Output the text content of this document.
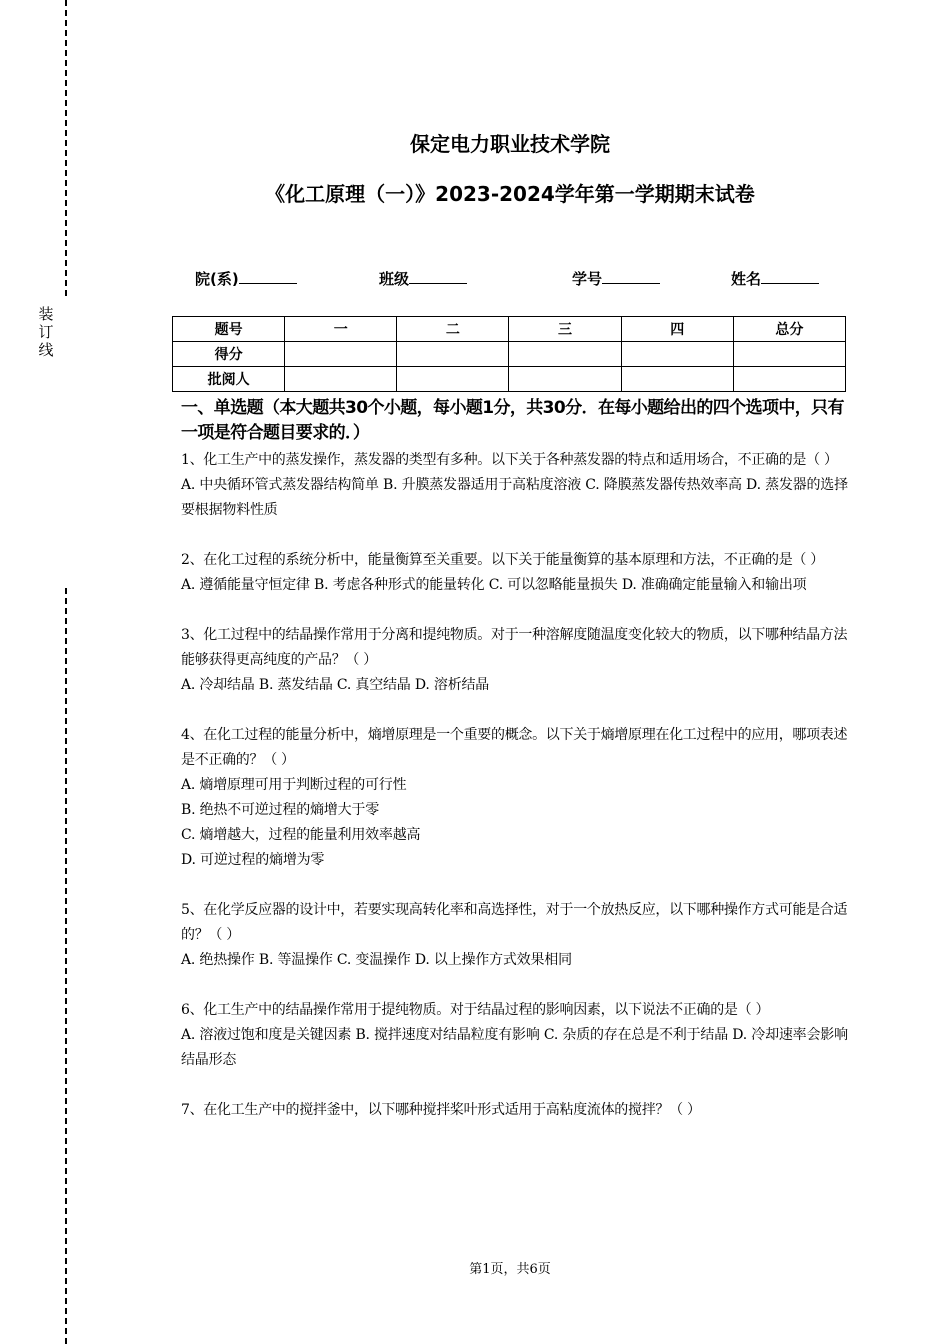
装
订
线
保定电力职业技术学院
《化工原理（一）》2023-2024学年第一学期期末试卷
院(系)	班级	学号	姓名
题号	一	二	三	四	总分
得分					
批阅人					
一、单选题（本大题共30个小题，每小题1分，共30分．在每小题给出的四个选项中，只有一项是符合题目要求的．）
1、化工生产中的蒸发操作，蒸发器的类型有多种。以下关于各种蒸发器的特点和适用场合，不正确的是（ ）
A. 中央循环管式蒸发器结构简单 B. 升膜蒸发器适用于高粘度溶液 C. 降膜蒸发器传热效率高 D. 蒸发器的选择要根据物料性质
2、在化工过程的系统分析中，能量衡算至关重要。以下关于能量衡算的基本原理和方法，不正确的是（ ）
A. 遵循能量守恒定律 B. 考虑各种形式的能量转化 C. 可以忽略能量损失 D. 准确确定能量输入和输出项
3、化工过程中的结晶操作常用于分离和提纯物质。对于一种溶解度随温度变化较大的物质，以下哪种结晶方法能够获得更高纯度的产品？（ ）
A. 冷却结晶 B. 蒸发结晶 C. 真空结晶 D. 溶析结晶
4、在化工过程的能量分析中，熵增原理是一个重要的概念。以下关于熵增原理在化工过程中的应用，哪项表述是不正确的？（ ）
A. 熵增原理可用于判断过程的可行性
B. 绝热不可逆过程的熵增大于零
C. 熵增越大，过程的能量利用效率越高
D. 可逆过程的熵增为零
5、在化学反应器的设计中，若要实现高转化率和高选择性，对于一个放热反应，以下哪种操作方式可能是合适的？（ ）
A. 绝热操作 B. 等温操作 C. 变温操作 D. 以上操作方式效果相同
6、化工生产中的结晶操作常用于提纯物质。对于结晶过程的影响因素，以下说法不正确的是（ ）
A. 溶液过饱和度是关键因素 B. 搅拌速度对结晶粒度有影响 C. 杂质的存在总是不利于结晶 D. 冷却速率会影响结晶形态
7、在化工生产中的搅拌釜中，以下哪种搅拌桨叶形式适用于高粘度流体的搅拌？（ ）
第1页，共6页
